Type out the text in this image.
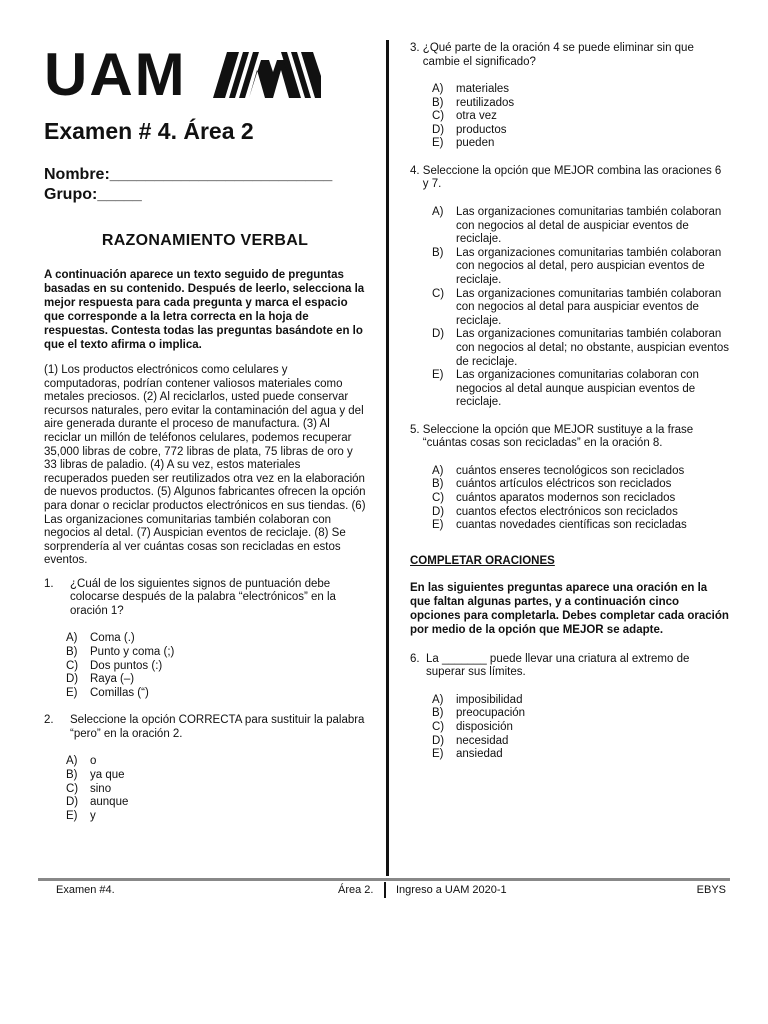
UAM
Examen # 4. Área 2
Nombre:_________________________
Grupo:_____
RAZONAMIENTO VERBAL
A continuación aparece un texto seguido de preguntas basadas en su contenido. Después de leerlo, selecciona la mejor respuesta para cada pregunta y marca el espacio que corresponde a la letra correcta en la hoja de respuestas. Contesta todas las preguntas basándote en lo que el texto afirma o implica.
(1) Los productos electrónicos como celulares y computadoras, podrían contener valiosos materiales como metales preciosos. (2) Al reciclarlos, usted puede conservar recursos naturales, pero evitar la contaminación del agua y del aire generada durante el proceso de manufactura. (3) Al reciclar un millón de teléfonos celulares, podemos recuperar 35,000 libras de cobre, 772 libras de plata, 75 libras de oro y 33 libras de paladio. (4) A su vez, estos materiales recuperados pueden ser reutilizados otra vez en la elaboración de nuevos productos. (5) Algunos fabricantes ofrecen la opción para donar o reciclar productos electrónicos en sus tiendas. (6) Las organizaciones comunitarias también colaboran con negocios al detal. (7) Auspician eventos de reciclaje. (8) Se sorprendería al ver cuántas cosas son recicladas en estos eventos.
1.	¿Cuál de los siguientes signos de puntuación debe colocarse después de la palabra “electrónicos” en la oración 1?
A)	Coma (.)
B)	Punto y coma (;)
C)	Dos puntos (:)
D)	Raya (–)
E)	Comillas (“)
2.	Seleccione la opción CORRECTA para sustituir la palabra “pero” en la oración 2.
A)	o
B)	ya que
C)	sino
D)	aunque
E)	y
3.
¿Qué parte de la oración 4 se puede eliminar sin que cambie el significado?
A)	materiales
B)	reutilizados
C)	otra vez
D)	productos
E)	pueden
4.
Seleccione la opción que MEJOR combina las oraciones 6 y 7.
A)	Las organizaciones comunitarias también colaboran con negocios al detal de auspiciar eventos de reciclaje.
B)	Las organizaciones comunitarias también colaboran con negocios al detal, pero auspician eventos de reciclaje.
C)	Las organizaciones comunitarias también colaboran con negocios al detal para auspiciar eventos de reciclaje.
D)	Las organizaciones comunitarias también colaboran con negocios al detal; no obstante, auspician eventos de reciclaje.
E)	Las organizaciones comunitarias colaboran con negocios al detal aunque auspician eventos de reciclaje.
5.
Seleccione la opción que MEJOR sustituye a la frase “cuántas cosas son recicladas” en la oración 8.
A)	cuántos enseres tecnológicos son reciclados
B)	cuántos artículos eléctricos son reciclados
C)	cuántos aparatos modernos son reciclados
D)	cuantos efectos electrónicos son reciclados
E)	cuantas novedades científicas son recicladas
COMPLETAR ORACIONES
En las siguientes preguntas aparece una oración en la que faltan algunas partes, y a continuación cinco opciones para completarla. Debes completar cada oración por medio de la opción que MEJOR se adapte.
6.
La _______ puede llevar una criatura al extremo de superar sus límites.
A)	imposibilidad
B)	preocupación
C)	disposición
D)	necesidad
E)	ansiedad
Examen #4.	Área 2. Ingreso a UAM 2020-1	EBYS
